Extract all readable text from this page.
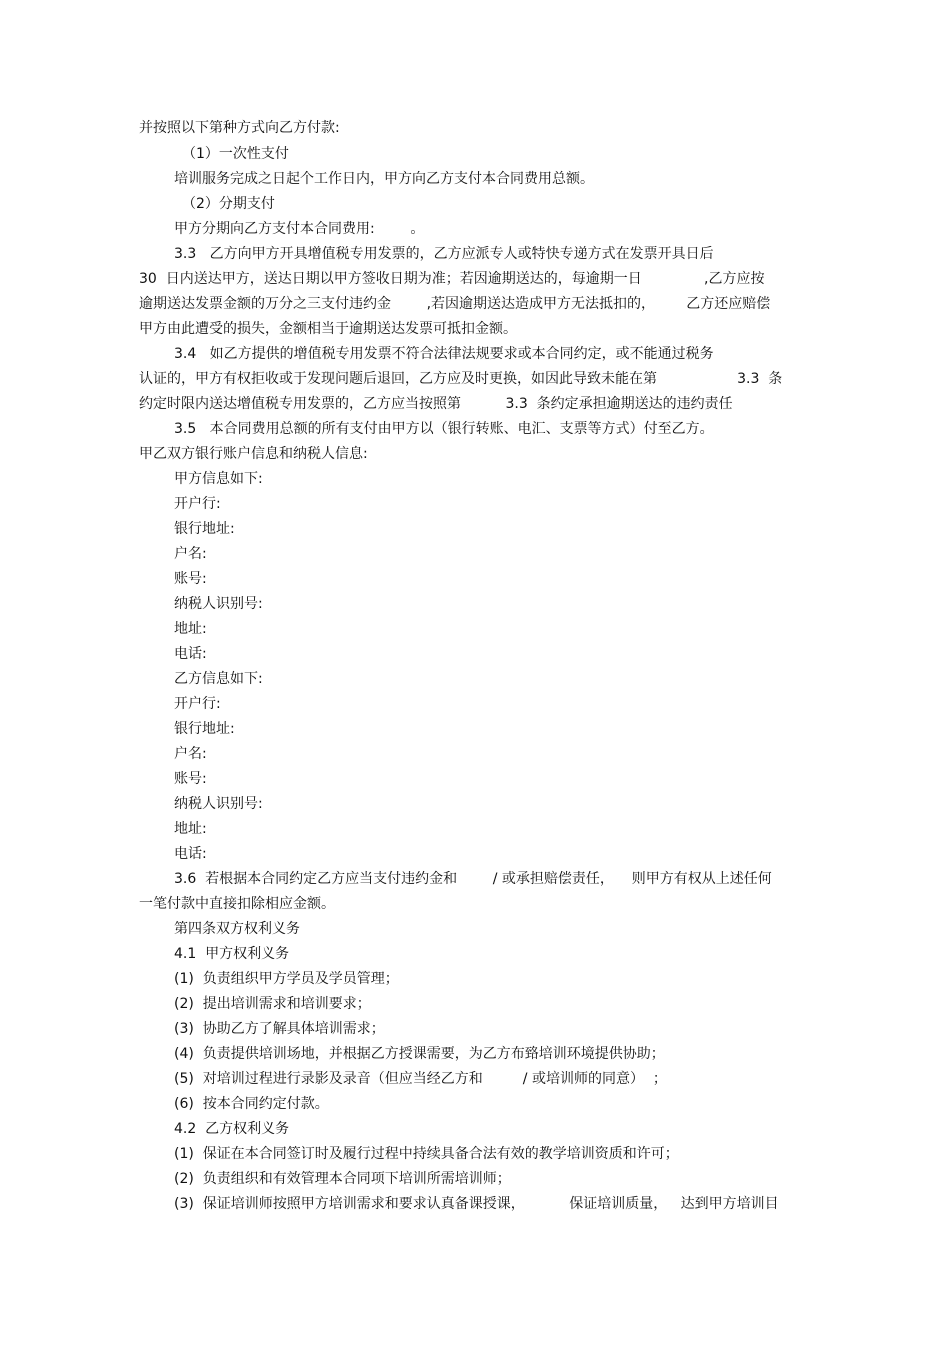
并按照以下第种方式向乙方付款:
（1）一次性支付
培训服务完成之日起个工作日内，甲方向乙方支付本合同费用总额。
（2）分期支付
甲方分期向乙方支付本合同费用:        。
3.3   乙方向甲方开具增值税专用发票的，乙方应派专人或特快专递方式在发票开具日后
30  日内送达甲方，送达日期以甲方签收日期为准；若因逾期送达的，每逾期一日              ,乙方应按
逾期送达发票金额的万分之三支付违约金        ,若因逾期送达造成甲方无法抵扣的，       乙方还应赔偿
甲方由此遭受的损失，金额相当于逾期送达发票可抵扣金额。
3.4   如乙方提供的增值税专用发票不符合法律法规要求或本合同约定，或不能通过税务
认证的，甲方有权拒收或于发现问题后退回，乙方应及时更换，如因此导致未能在第                  3.3  条
约定时限内送达增值税专用发票的，乙方应当按照第          3.3  条约定承担逾期送达的违约责任
3.5   本合同费用总额的所有支付由甲方以（银行转账、电汇、支票等方式）付至乙方。
甲乙双方银行账户信息和纳税人信息:
甲方信息如下:
开户行:
银行地址:
户名:
账号:
纳税人识别号:
地址:
电话:
乙方信息如下:
开户行:
银行地址:
户名:
账号:
纳税人识别号:
地址:
电话:
3.6  若根据本合同约定乙方应当支付违约金和        / 或承担赔偿责任，    则甲方有权从上述任何
一笔付款中直接扣除相应金额。
第四条双方权利义务
4.1  甲方权利义务
(1)  负责组织甲方学员及学员管理；
(2)  提出培训需求和培训要求；
(3)  协助乙方了解具体培训需求；
(4)  负责提供培训场地，并根据乙方授课需要，为乙方布臵培训环境提供协助；
(5)  对培训过程进行录影及录音（但应当经乙方和         / 或培训师的同意）  ；
(6)  按本合同约定付款。
4.2  乙方权利义务
(1)  保证在本合同签订时及履行过程中持续具备合法有效的教学培训资质和许可；
(2)  负责组织和有效管理本合同项下培训所需培训师；
(3)  保证培训师按照甲方培训需求和要求认真备课授课，          保证培训质量，   达到甲方培训目
